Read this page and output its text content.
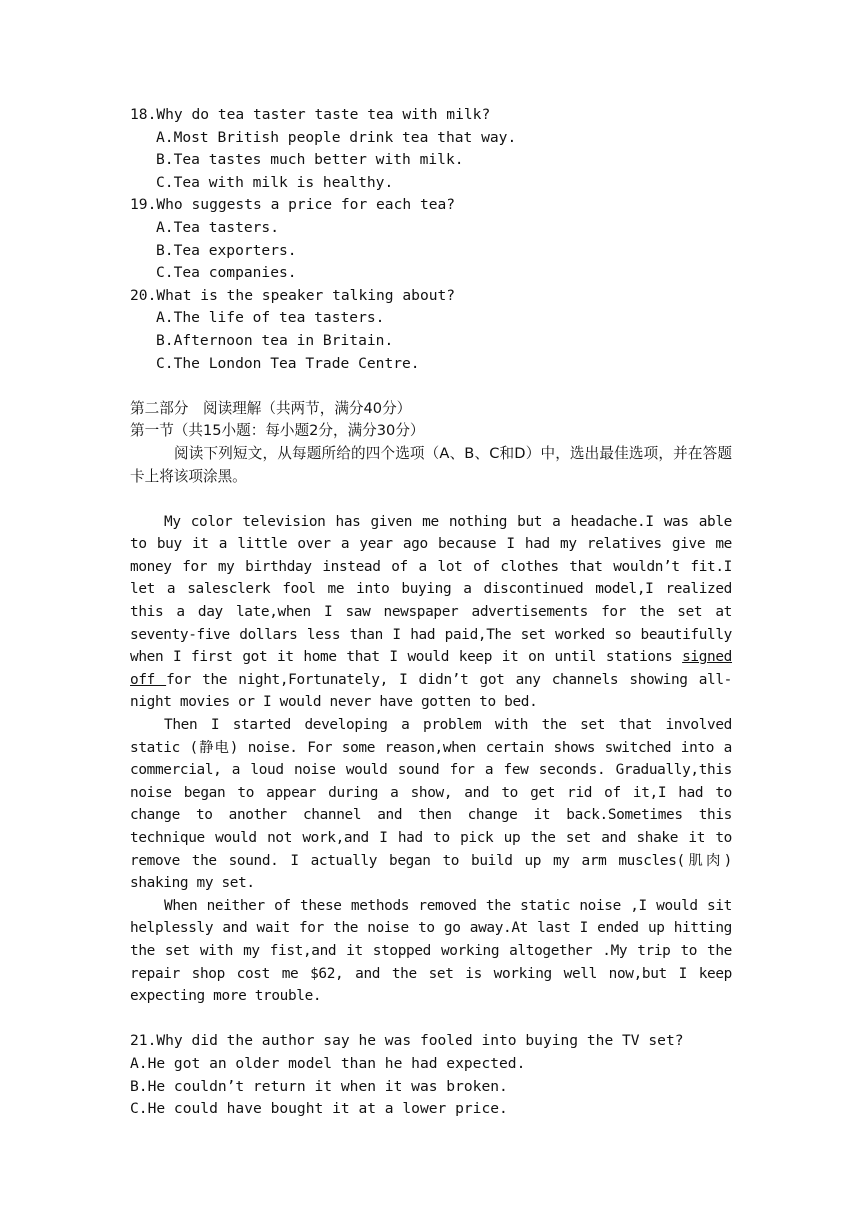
18.Why do tea taster taste tea with milk?
A.Most British people drink tea that way.
B.Tea tastes much better with milk.
C.Tea with milk is healthy.
19.Who suggests a price for each tea?
A.Tea tasters.
B.Tea exporters.
C.Tea companies.
20.What is the speaker talking about?
A.The life of tea tasters.
B.Afternoon tea in Britain.
C.The London Tea Trade Centre.
第二部分　阅读理解（共两节，满分40分）
第一节（共15小题：每小题2分，满分30分）
阅读下列短文，从每题所给的四个选项（A、B、C和D）中，选出最佳选项，并在答题卡上将该项涂黑。
My color television has given me nothing but a headache.I was able to buy it a little over a year ago because I had my relatives give me money for my birthday instead of a lot of clothes that wouldn’t fit.I let a salesclerk fool me into buying a discontinued model,I realized this a day late,when I saw newspaper advertisements for the set at seventy-five dollars less than I had paid,The set worked so beautifully when I first got it home that I would keep it on until stations signed off for the night,Fortunately, I didn’t got any channels showing all-night movies or I would never have gotten to bed.
Then I started developing a problem with the set that involved static (静电) noise. For some reason,when certain shows switched into a commercial, a loud noise would sound for a few seconds. Gradually,this noise began to appear during a show, and to get rid of it,I had to change to another channel and then change it back.Sometimes this technique would not work,and I had to pick up the set and shake it to remove the sound. I actually began to build up my arm muscles(肌肉) shaking my set.
When neither of these methods removed the static noise ,I would sit helplessly and wait for the noise to go away.At last I ended up hitting the set with my fist,and it stopped working altogether .My trip to the repair shop cost me $62, and the set is working well now,but I keep expecting more trouble.
21.Why did the author say he was fooled into buying the TV set?
A.He got an older model than he had expected.
B.He couldn’t return it when it was broken.
C.He could have bought it at a lower price.
